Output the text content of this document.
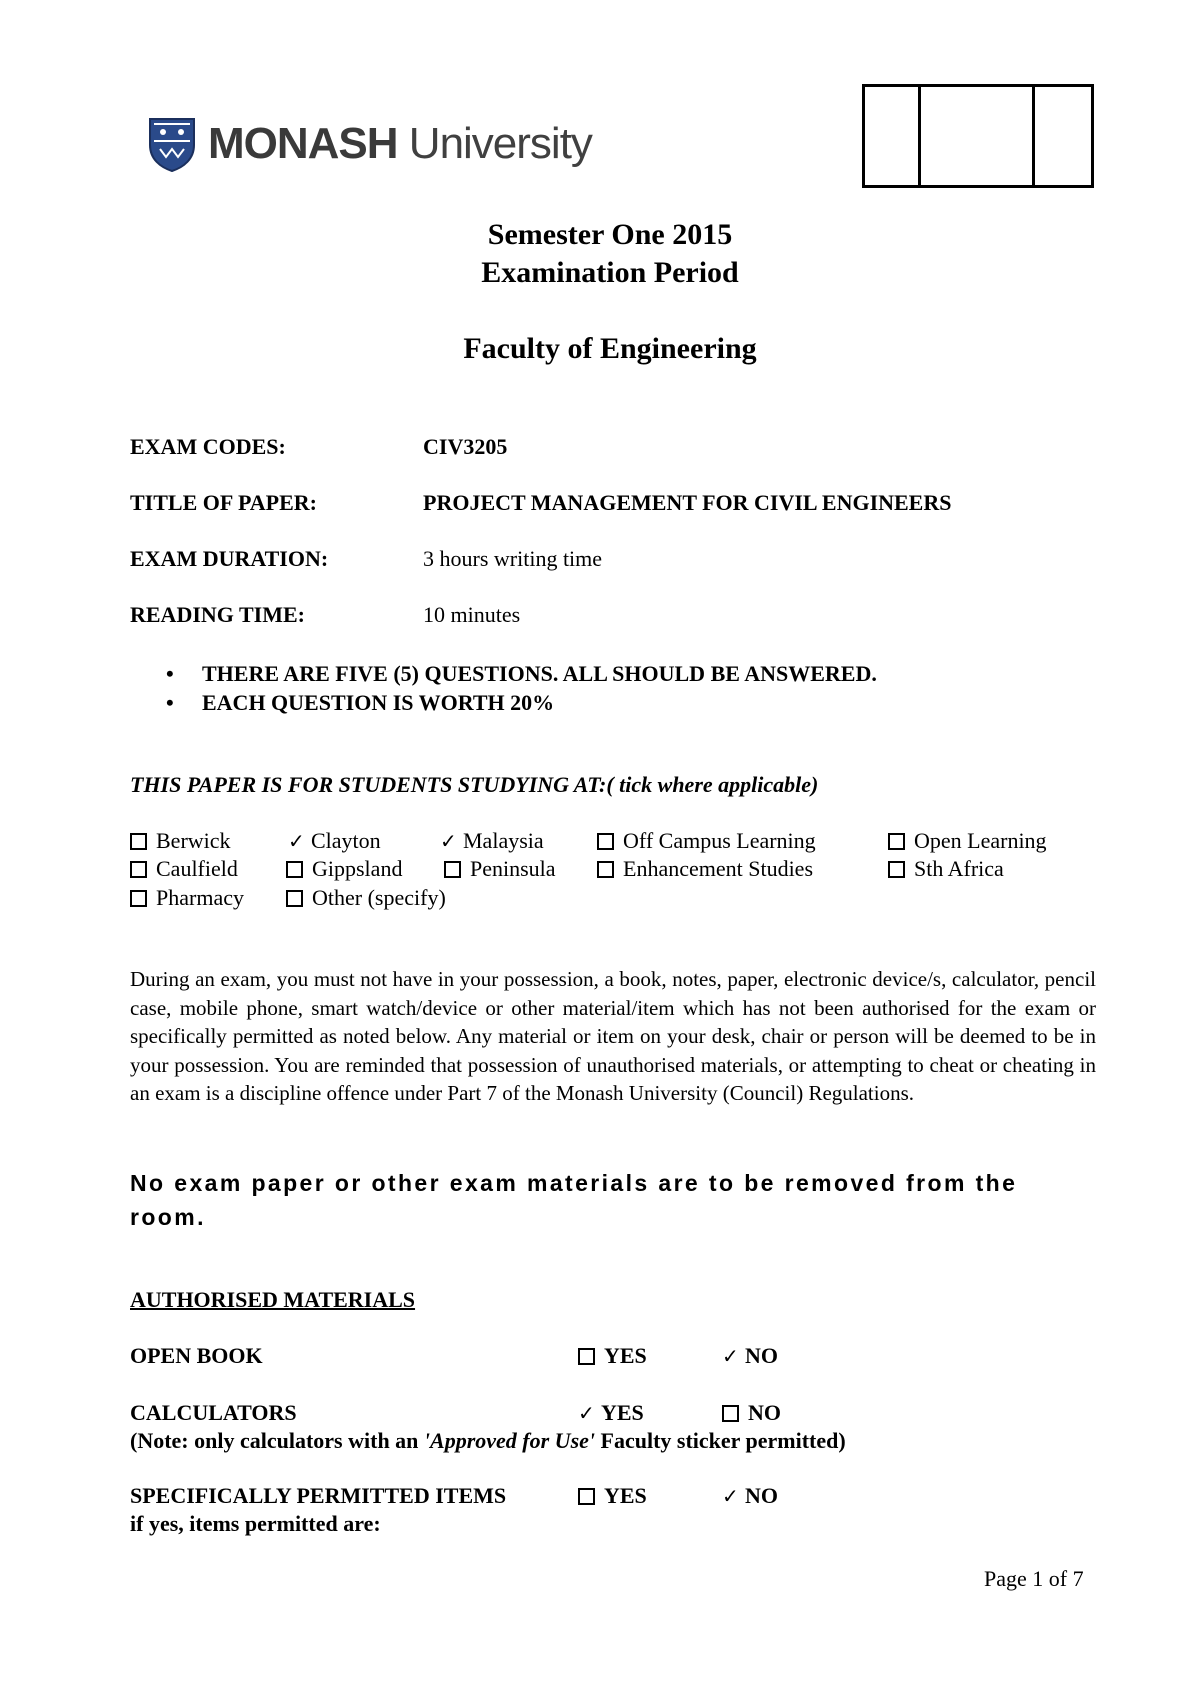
MONASH University
Semester One 2015
Examination Period
Faculty of Engineering
EXAM CODES:	CIV3205
TITLE OF PAPER:	PROJECT MANAGEMENT FOR CIVIL ENGINEERS
EXAM DURATION:	3 hours writing time
READING TIME:	10 minutes
• THERE ARE FIVE (5) QUESTIONS. ALL SHOULD BE ANSWERED.
• EACH QUESTION IS WORTH 20%
THIS PAPER IS FOR STUDENTS STUDYING AT:( tick where applicable)
Berwick	✓ Clayton	✓ Malaysia	Off Campus Learning	Open Learning
Caulfield	Gippsland	Peninsula	Enhancement Studies	Sth Africa
Pharmacy	Other (specify)
During an exam, you must not have in your possession, a book, notes, paper, electronic device/s, calculator, pencil case, mobile phone, smart watch/device or other material/item which has not been authorised for the exam or specifically permitted as noted below. Any material or item on your desk, chair or person will be deemed to be in your possession. You are reminded that possession of unauthorised materials, or attempting to cheat or cheating in an exam is a discipline offence under Part 7 of the Monash University (Council) Regulations.
No exam paper or other exam materials are to be removed from the room.
AUTHORISED MATERIALS
OPEN BOOK	YES	✓ NO
CALCULATORS	✓ YES	NO
(Note: only calculators with an 'Approved for Use' Faculty sticker permitted)
SPECIFICALLY PERMITTED ITEMS	YES	✓ NO
if yes, items permitted are:
Page 1 of 7
